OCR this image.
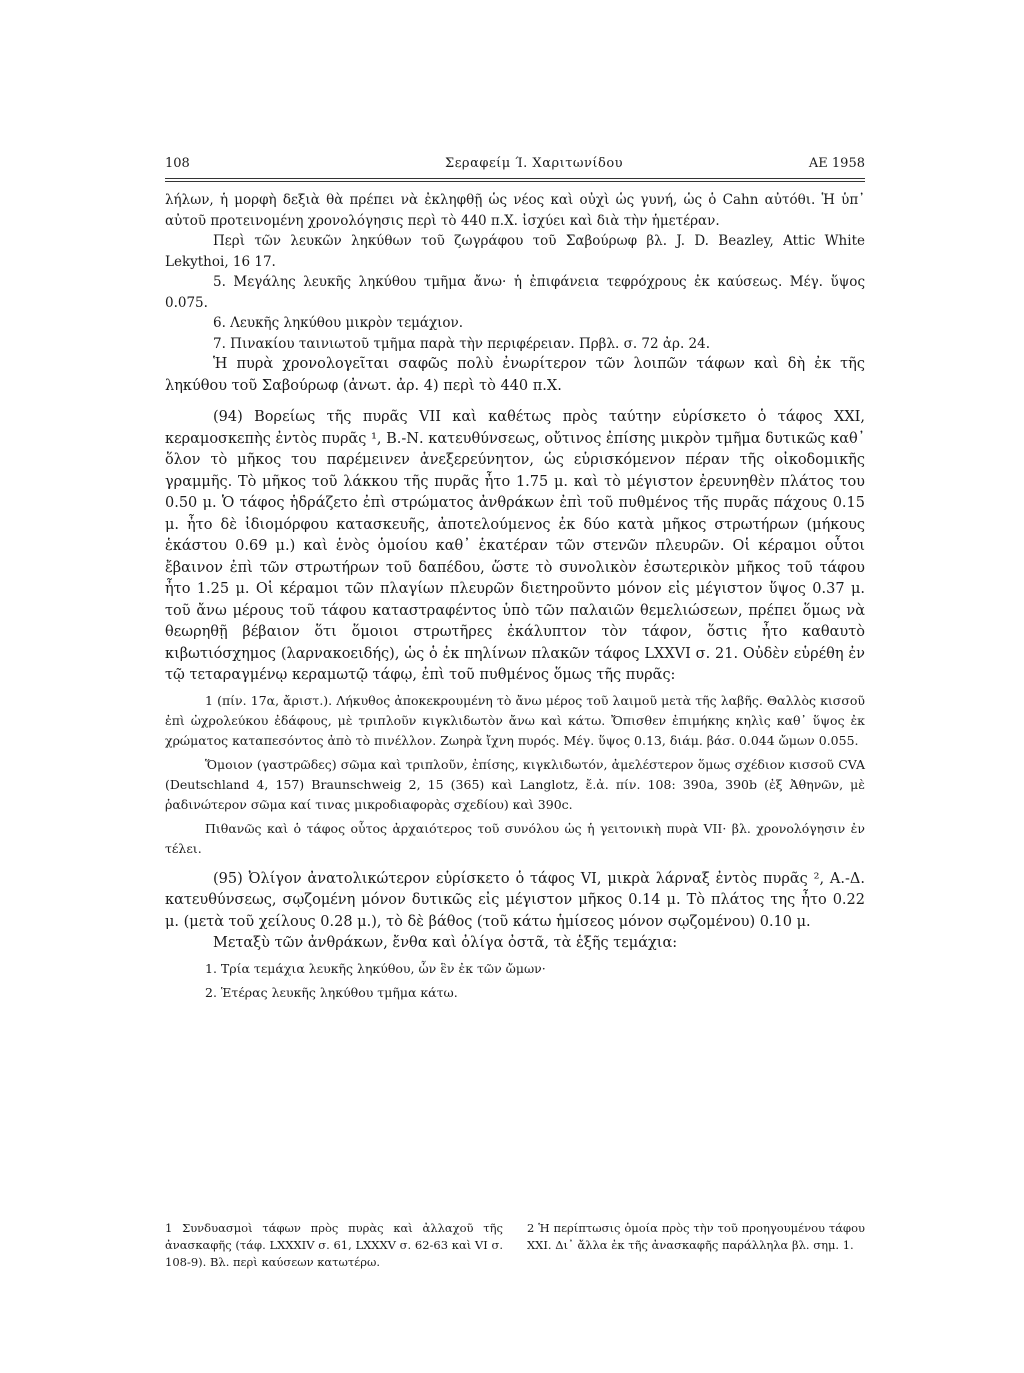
108	Σεραφείμ Ί. Χαριτωνίδου	ΑΕ 1958

λήλων, ἡ μορφὴ δεξιὰ θὰ πρέπει νὰ ἐκληφθῇ ὡς νέος καὶ οὐχὶ ὡς γυνή, ὡς ὁ Cahn αὐτόθι. Ἡ ὑπ᾽ αὐτοῦ προτεινομένη χρονολόγησις περὶ τὸ 440 π.Χ. ἰσχύει καὶ διὰ τὴν ἡμετέραν.

Περὶ τῶν λευκῶν ληκύθων τοῦ ζωγράφου τοῦ Σαβούρωφ βλ. J. D. Beazley, Attic White Lekythoi, 16 17.

5. Μεγάλης λευκῆς ληκύθου τμῆμα ἄνω· ἡ ἐπιφάνεια τεφρόχρους ἐκ καύσεως. Μέγ. ὕψος 0.075.

6. Λευκῆς ληκύθου μικρὸν τεμάχιον.

7. Πινακίου ταινιωτοῦ τμῆμα παρὰ τὴν περιφέρειαν. Πρβλ. σ. 72 ἀρ. 24.

Ἡ πυρὰ χρονολογεῖται σαφῶς πολὺ ἐνωρίτερον τῶν λοιπῶν τάφων καὶ δὴ ἐκ τῆς ληκύθου τοῦ Σαβούρωφ (ἀνωτ. ἀρ. 4) περὶ τὸ 440 π.Χ.

(94) Βορείως τῆς πυρᾶς VII καὶ καθέτως πρὸς ταύτην εὑρίσκετο ὁ τάφος XXI, κεραμοσκεπὴς ἐντὸς πυρᾶς ¹, Β.-Ν. κατευθύνσεως, οὔτινος ἐπίσης μικρὸν τμῆμα δυτικῶς καθ᾽ ὅλον τὸ μῆκος του παρέμεινεν ἀνεξερεύνητον, ὡς εὑρισκόμενον πέραν τῆς οἰκοδομικῆς γραμμῆς. Τὸ μῆκος τοῦ λάκκου τῆς πυρᾶς ἦτο 1.75 μ. καὶ τὸ μέγιστον ἐρευνηθὲν πλάτος του 0.50 μ. Ὁ τάφος ἡδράζετο ἐπὶ στρώματος ἀνθράκων ἐπὶ τοῦ πυθμένος τῆς πυρᾶς πάχους 0.15 μ. ἦτο δὲ ἰδιομόρφου κατασκευῆς, ἀποτελούμενος ἐκ δύο κατὰ μῆκος στρωτήρων (μήκους ἑκάστου 0.69 μ.) καὶ ἑνὸς ὁμοίου καθ᾽ ἑκατέραν τῶν στενῶν πλευρῶν. Οἱ κέραμοι οὗτοι ἔβαινον ἐπὶ τῶν στρωτήρων τοῦ δαπέδου, ὥστε τὸ συνολικὸν ἐσωτερικὸν μῆκος τοῦ τάφου ἦτο 1.25 μ. Οἱ κέραμοι τῶν πλαγίων πλευρῶν διετηροῦντο μόνον εἰς μέγιστον ὕψος 0.37 μ. τοῦ ἄνω μέρους τοῦ τάφου καταστραφέντος ὑπὸ τῶν παλαιῶν θεμελιώσεων, πρέπει ὅμως νὰ θεωρηθῇ βέβαιον ὅτι ὅμοιοι στρωτῆρες ἐκάλυπτον τὸν τάφον, ὅστις ἦτο καθαυτὸ κιβωτιόσχημος (λαρνακοειδής), ὡς ὁ ἐκ πηλίνων πλακῶν τάφος LXXVI σ. 21. Οὐδὲν εὑρέθη ἐν τῷ τεταραγμένῳ κεραμωτῷ τάφῳ, ἐπὶ τοῦ πυθμένος ὅμως τῆς πυρᾶς:

1 (πίν. 17α, ἄριστ.). Λήκυθος ἀποκεκρουμένη τὸ ἄνω μέρος τοῦ λαιμοῦ μετὰ τῆς λαβῆς. Θαλλὸς κισσοῦ ἐπὶ ὠχρολεύκου ἐδάφους, μὲ τριπλοῦν κιγκλιδωτὸν ἄνω καὶ κάτω. Ὄπισθεν ἐπιμήκης κηλὶς καθ᾽ ὕψος ἐκ χρώματος καταπεσόντος ἀπὸ τὸ πινέλλον. Ζωηρὰ ἴχνη πυρός. Μέγ. ὕψος 0.13, διάμ. βάσ. 0.044 ὤμων 0.055.

Ὅμοιον (γαστρῶδες) σῶμα καὶ τριπλοῦν, ἐπίσης, κιγκλιδωτόν, ἀμελέστερον ὅμως σχέδιον κισσοῦ CVA (Deutschland 4, 157) Braunschweig 2, 15 (365) καὶ Langlotz, ἔ.ἀ. πίν. 108: 390a, 390b (ἐξ Ἀθηνῶν, μὲ ῥαδινώτερον σῶμα καί τινας μικροδιαφορὰς σχεδίου) καὶ 390c.

Πιθανῶς καὶ ὁ τάφος οὗτος ἀρχαιότερος τοῦ συνόλου ὡς ἡ γειτονικὴ πυρὰ VII· βλ. χρονολόγησιν ἐν τέλει.

(95) Ὀλίγον ἀνατολικώτερον εὑρίσκετο ὁ τάφος VI, μικρὰ λάρναξ ἐντὸς πυρᾶς ², Α.-Δ. κατευθύνσεως, σῳζομένη μόνον δυτικῶς εἰς μέγιστον μῆκος 0.14 μ. Τὸ πλάτος της ἦτο 0.22 μ. (μετὰ τοῦ χείλους 0.28 μ.), τὸ δὲ βάθος (τοῦ κάτω ἡμίσεος μόνον σῳζομένου) 0.10 μ.

Μεταξὺ τῶν ἀνθράκων, ἔνθα καὶ ὀλίγα ὀστᾶ, τὰ ἑξῆς τεμάχια:

1. Τρία τεμάχια λευκῆς ληκύθου, ὧν ἓν ἐκ τῶν ὤμων·

2. Ἑτέρας λευκῆς ληκύθου τμῆμα κάτω.

1 Συνδυασμοὶ τάφων πρὸς πυρὰς καὶ ἀλλαχοῦ τῆς ἀνασκαφῆς (τάφ. LXXXIV σ. 61, LXXXV σ. 62-63 καὶ VI σ. 108-9). Βλ. περὶ καύσεων κατωτέρω.
2 Ἡ περίπτωσις ὁμοία πρὸς τὴν τοῦ προηγουμένου τάφου XXI. Δι᾽ ἄλλα ἐκ τῆς ἀνασκαφῆς παράλληλα βλ. σημ. 1.
